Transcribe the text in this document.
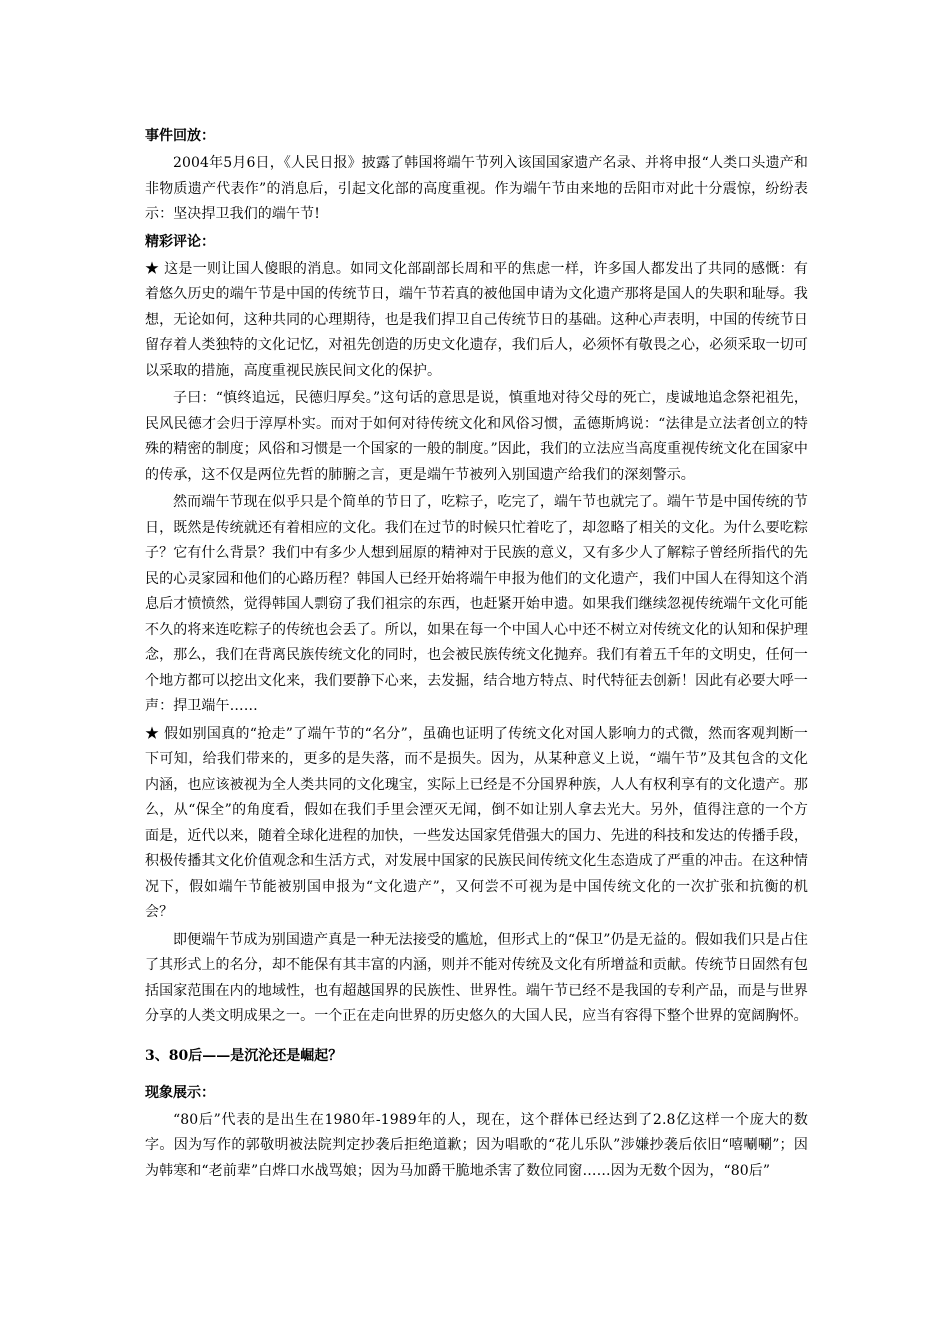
事件回放：

2004年5月6日，《人民日报》披露了韩国将端午节列入该国国家遗产名录、并将申报“人类口头遗产和非物质遗产代表作”的消息后，引起文化部的高度重视。作为端午节由来地的岳阳市对此十分震惊，纷纷表示：坚决捍卫我们的端午节!

精彩评论：

★ 这是一则让国人傻眼的消息。如同文化部副部长周和平的焦虑一样，许多国人都发出了共同的感慨：有着悠久历史的端午节是中国的传统节日，端午节若真的被他国申请为文化遗产那将是国人的失职和耻辱。我想，无论如何，这种共同的心理期待，也是我们捍卫自己传统节日的基础。这种心声表明，中国的传统节日留存着人类独特的文化记忆，对祖先创造的历史文化遗存，我们后人，必须怀有敬畏之心，必须采取一切可以采取的措施，高度重视民族民间文化的保护。

子曰：“慎终追远，民德归厚矣。”这句话的意思是说，慎重地对待父母的死亡，虔诚地追念祭祀祖先，民风民德才会归于淳厚朴实。而对于如何对待传统文化和风俗习惯，孟德斯鸠说：“法律是立法者创立的特殊的精密的制度；风俗和习惯是一个国家的一般的制度。”因此，我们的立法应当高度重视传统文化在国家中的传承，这不仅是两位先哲的肺腑之言，更是端午节被列入别国遗产给我们的深刻警示。

然而端午节现在似乎只是个简单的节日了，吃粽子，吃完了，端午节也就完了。端午节是中国传统的节日，既然是传统就还有着相应的文化。我们在过节的时候只忙着吃了，却忽略了相关的文化。为什么要吃粽子？它有什么背景？我们中有多少人想到屈原的精神对于民族的意义，又有多少人了解粽子曾经所指代的先民的心灵家园和他们的心路历程？韩国人已经开始将端午申报为他们的文化遗产，我们中国人在得知这个消息后才愤愤然，觉得韩国人剽窃了我们祖宗的东西，也赶紧开始申遗。如果我们继续忽视传统端午文化可能不久的将来连吃粽子的传统也会丢了。所以，如果在每一个中国人心中还不树立对传统文化的认知和保护理念，那么，我们在背离民族传统文化的同时，也会被民族传统文化抛弃。我们有着五千年的文明史，任何一个地方都可以挖出文化来，我们要静下心来，去发掘，结合地方特点、时代特征去创新！因此有必要大呼一声：捍卫端午……

★ 假如别国真的“抢走”了端午节的“名分”，虽确也证明了传统文化对国人影响力的式微，然而客观判断一下可知，给我们带来的，更多的是失落，而不是损失。因为，从某种意义上说，“端午节”及其包含的文化内涵，也应该被视为全人类共同的文化瑰宝，实际上已经是不分国界种族，人人有权利享有的文化遗产。那么，从“保全”的角度看，假如在我们手里会湮灭无闻，倒不如让别人拿去光大。另外，值得注意的一个方面是，近代以来，随着全球化进程的加快，一些发达国家凭借强大的国力、先进的科技和发达的传播手段，积极传播其文化价值观念和生活方式，对发展中国家的民族民间传统文化生态造成了严重的冲击。在这种情况下，假如端午节能被别国申报为“文化遗产”，又何尝不可视为是中国传统文化的一次扩张和抗衡的机会？

即便端午节成为别国遗产真是一种无法接受的尴尬，但形式上的“保卫”仍是无益的。假如我们只是占住了其形式上的名分，却不能保有其丰富的内涵，则并不能对传统及文化有所增益和贡献。传统节日固然有包括国家范围在内的地域性，也有超越国界的民族性、世界性。端午节已经不是我国的专利产品，而是与世界分享的人类文明成果之一。一个正在走向世界的历史悠久的大国人民，应当有容得下整个世界的宽阔胸怀。

3、80后——是沉沦还是崛起？
现象展示：

“80后”代表的是出生在1980年-1989年的人，现在，这个群体已经达到了2.8亿这样一个庞大的数字。因为写作的郭敬明被法院判定抄袭后拒绝道歉；因为唱歌的“花儿乐队”涉嫌抄袭后依旧“嘻唰唰”；因为韩寒和“老前辈”白烨口水战骂娘；因为马加爵干脆地杀害了数位同窗……因为无数个因为，“80后”
